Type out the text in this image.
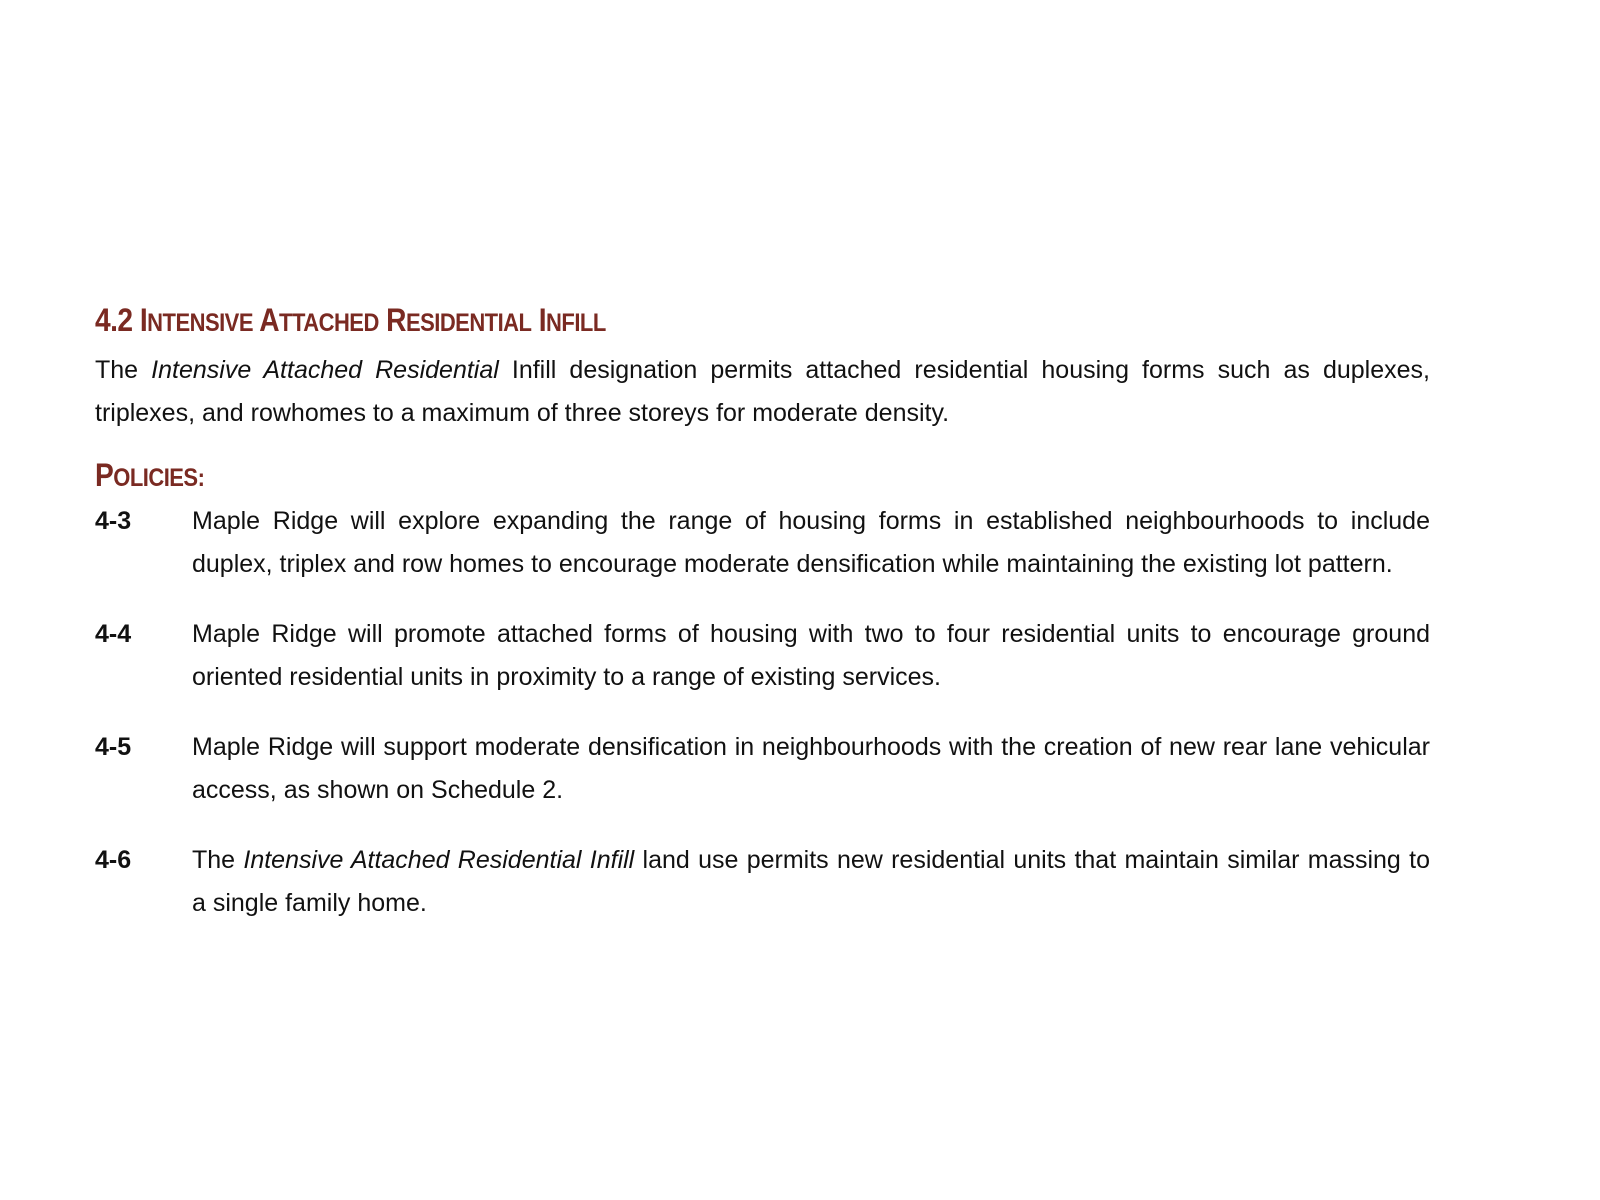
4.2 INTENSIVE ATTACHED RESIDENTIAL INFILL

The Intensive Attached Residential Infill designation permits attached residential housing forms such as duplexes, triplexes, and rowhomes to a maximum of three storeys for moderate density.

POLICIES:
4-3	Maple Ridge will explore expanding the range of housing forms in established neighbourhoods to include duplex, triplex and row homes to encourage moderate densification while maintaining the existing lot pattern.

4-4	Maple Ridge will promote attached forms of housing with two to four residential units to encourage ground oriented residential units in proximity to a range of existing services.

4-5	Maple Ridge will support moderate densification in neighbourhoods with the creation of new rear lane vehicular access, as shown on Schedule 2.

4-6	The Intensive Attached Residential Infill land use permits new residential units that maintain similar massing to a single family home.
